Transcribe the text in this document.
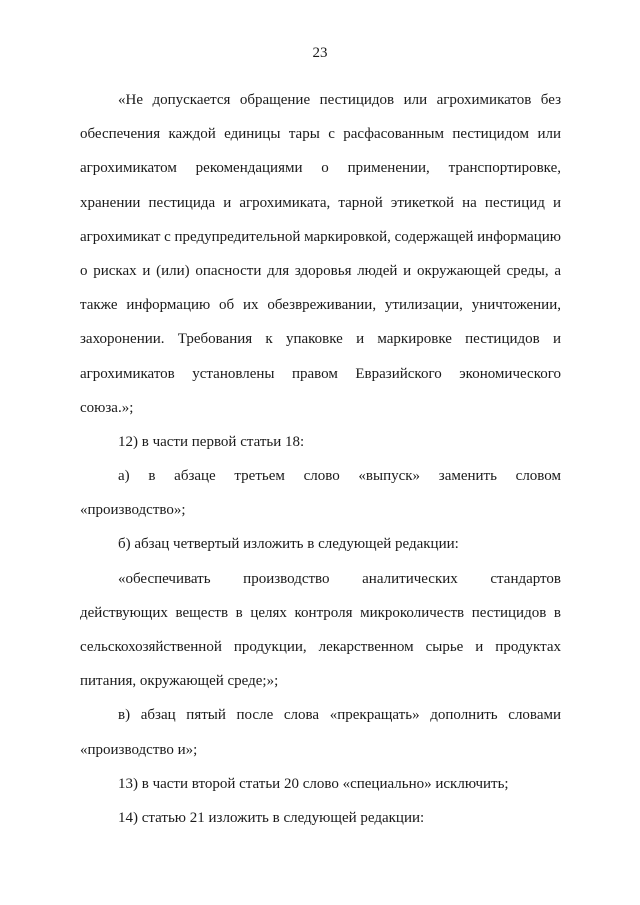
23
«Не допускается обращение пестицидов или агрохимикатов без
обеспечения каждой единицы тары с расфасованным пестицидом или
агрохимикатом рекомендациями о применении, транспортировке,
хранении пестицида и агрохимиката, тарной этикеткой на пестицид и
агрохимикат с предупредительной маркировкой, содержащей информацию
о рисках и (или) опасности для здоровья людей и окружающей среды, а
также информацию об их обезвреживании, утилизации, уничтожении,
захоронении. Требования к упаковке и маркировке пестицидов и
агрохимикатов установлены правом Евразийского экономического
союза.»;
12) в части первой статьи 18:
а) в абзаце третьем слово «выпуск» заменить словом
«производство»;
б) абзац четвертый изложить в следующей редакции:
«обеспечивать производство аналитических стандартов
действующих веществ в целях контроля микроколичеств пестицидов в
сельскохозяйственной продукции, лекарственном сырье и продуктах
питания, окружающей среде;»;
в) абзац пятый после слова «прекращать» дополнить словами
«производство и»;
13) в части второй статьи 20 слово «специально» исключить;
14) статью 21 изложить в следующей редакции:
